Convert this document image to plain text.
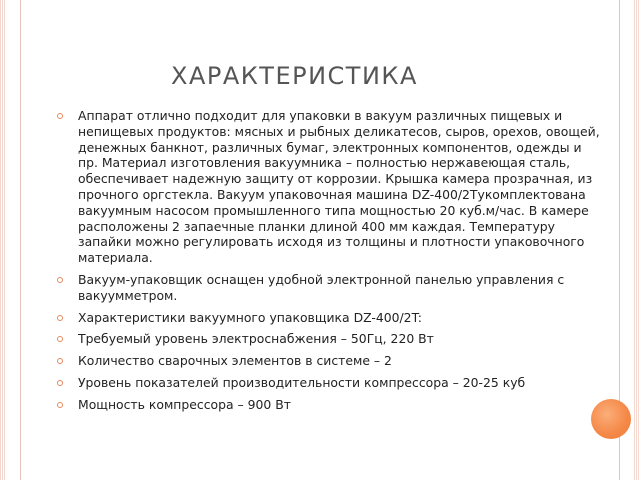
ХАРАКТЕРИСТИКА
Аппарат отлично подходит для упаковки в вакуум различных пищевых и непищевых продуктов: мясных и рыбных деликатесов, сыров, орехов, овощей, денежных банкнот, различных бумаг, электронных компонентов, одежды и пр. Материал изготовления вакуумника – полностью нержавеющая сталь, обеспечивает надежную защиту от коррозии. Крышка камера прозрачная, из прочного оргстекла. Вакуум упаковочная машина DZ-400/2Тукомплектована вакуумным насосом промышленного типа мощностью 20 куб.м/час. В камере расположены 2 запаечные планки длиной 400 мм каждая. Температуру запайки можно регулировать исходя из толщины и плотности упаковочного материала.
Вакуум-упаковщик оснащен удобной электронной панелью управления с вакуумметром.
Характеристики вакуумного упаковщика DZ-400/2T:
Требуемый уровень электроснабжения – 50Гц, 220 Вт
Количество сварочных элементов в системе – 2
Уровень показателей производительности компрессора – 20-25 куб
Мощность компрессора – 900 Вт
